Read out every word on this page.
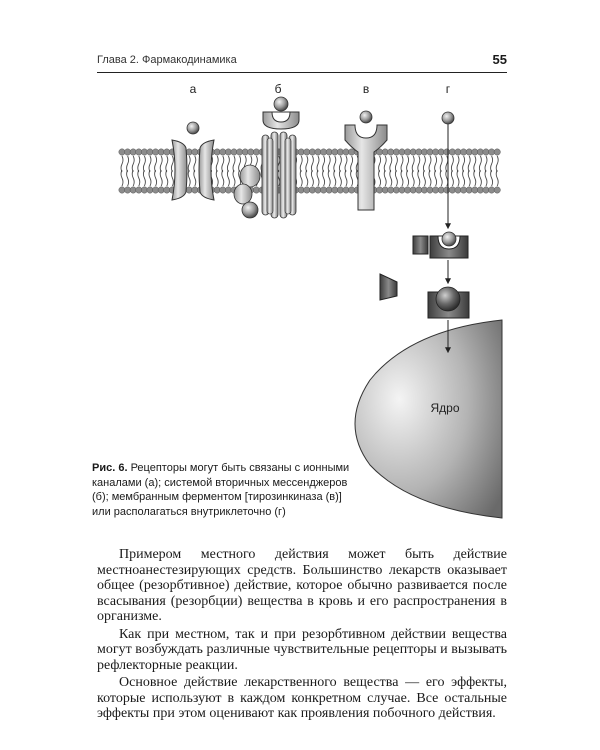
Глава 2. Фармакодинамика	55
а	б	в	г
Ядро
Рис. 6. Рецепторы могут быть связаны с ионными каналами (а); системой вторичных мессенджеров (б); мембранным ферментом [тирозинкиназа (в)] или располагаться внутриклеточно (г)

Примером местного действия может быть действие местноанестезирующих средств. Большинство лекарств оказывает общее (резорбтивное) действие, которое обычно развивается после всасывания (резорбции) вещества в кровь и его распространения в организме.

Как при местном, так и при резорбтивном действии вещества могут возбуждать различные чувствительные рецепторы и вызывать рефлекторные реакции.

Основное действие лекарственного вещества — его эффекты, которые используют в каждом конкретном случае. Все остальные эффекты при этом оценивают как проявления побочного действия.
